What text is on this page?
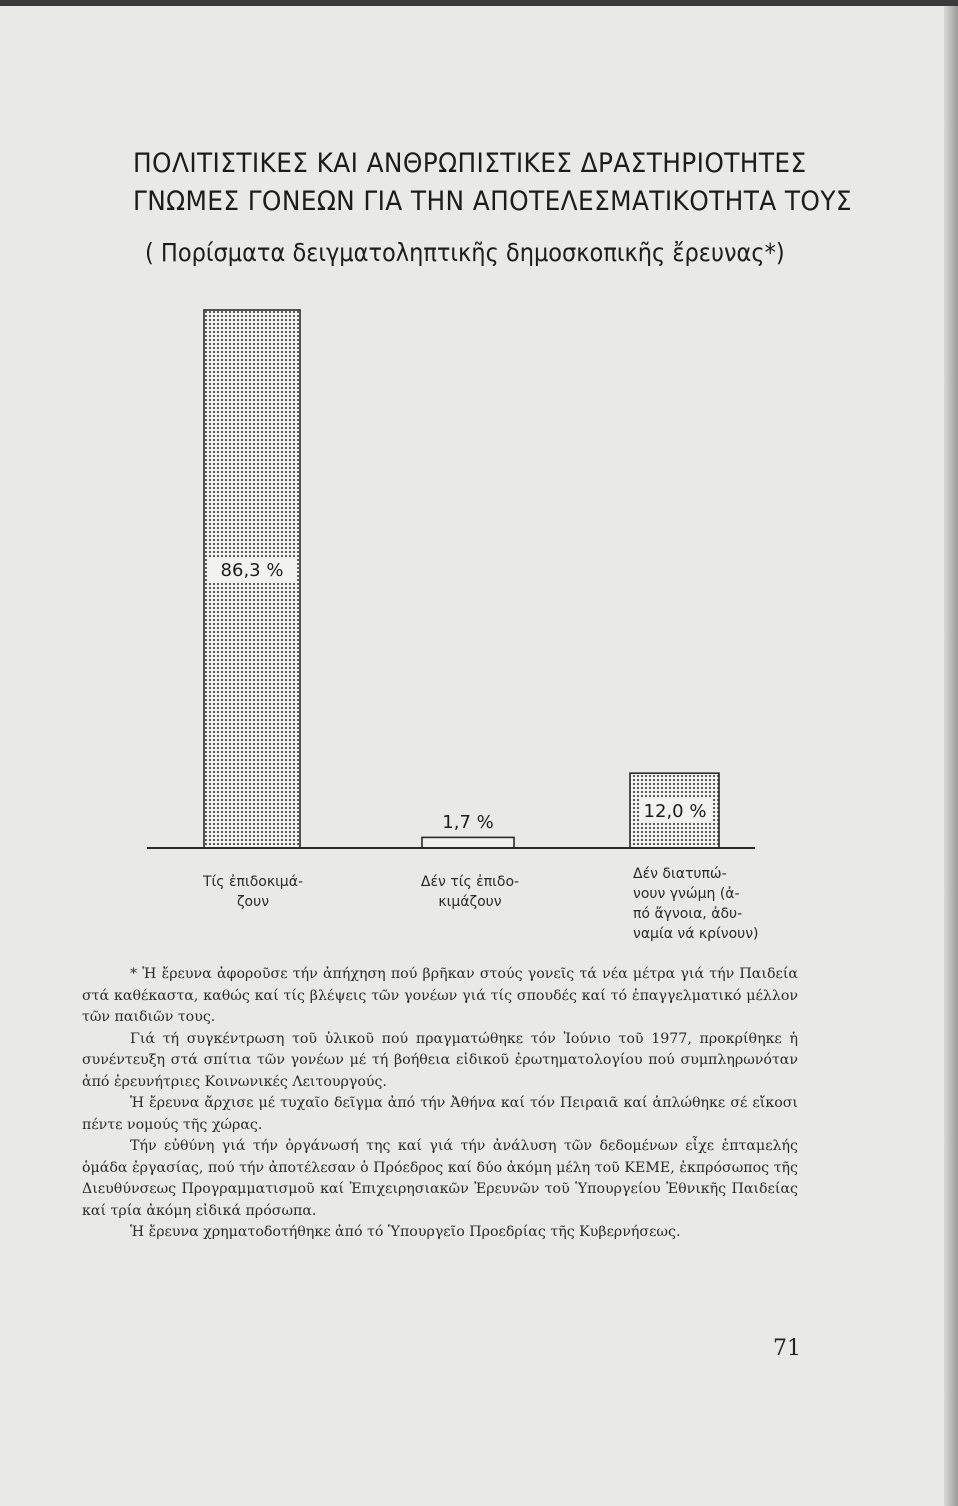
ΠΟΛΙΤΙΣΤΙΚΕΣ ΚΑΙ ΑΝΘΡΩΠΙΣΤΙΚΕΣ ΔΡΑΣΤΗΡΙΟΤΗΤΕΣ
ΓΝΩΜΕΣ ΓΟΝΕΩΝ ΓΙΑ ΤΗΝ ΑΠΟΤΕΛΕΣΜΑΤΙΚΟΤΗΤΑ ΤΟΥΣ
( Πορίσματα δειγματοληπτικῆς δημοσκοπικῆς ἔρευνας*)
86,3 %
1,7 %
12,0 %
Τίς ἐπιδοκιμά-
ζουν
Δέν τίς ἐπιδο-
κιμάζουν
Δέν διατυπώ-
νουν γνώμη (ἀ-
πό ἄγνοια, ἀδυ-
ναμία νά κρίνουν)

* Ἡ ἔρευνα ἀφοροῦσε τήν ἀπήχηση πού βρῆκαν στούς γονεῖς τά νέα μέτρα γιά τήν Παιδεία στά καθέκαστα, καθώς καί τίς βλέψεις τῶν γονέων γιά τίς σπουδές καί τό ἐπαγγελματικό μέλλον τῶν παιδιῶν τους.

Γιά τή συγκέντρωση τοῦ ὑλικοῦ πού πραγματώθηκε τόν Ἰούνιο τοῦ 1977, προκρίθηκε ἡ συνέντευξη στά σπίτια τῶν γονέων μέ τή βοήθεια εἰδικοῦ ἐρωτηματολογίου πού συμπληρωνόταν ἀπό ἐρευνήτριες Κοινωνικές Λειτουργούς.

Ἡ ἔρευνα ἄρχισε μέ τυχαῖο δεῖγμα ἀπό τήν Ἀθήνα καί τόν Πειραιᾶ καί ἁπλώθηκε σέ εἴκοσι πέντε νομούς τῆς χώρας.

Τήν εὐθύνη γιά τήν ὀργάνωσή της καί γιά τήν ἀνάλυση τῶν δεδομένων εἶχε ἐπταμελής ὁμάδα ἐργασίας, πού τήν ἀποτέλεσαν ὁ Πρόεδρος καί δύο ἀκόμη μέλη τοῦ ΚΕΜΕ, ἐκπρόσωπος τῆς Διευθύνσεως Προγραμματισμοῦ καί Ἐπιχειρησιακῶν Ἐρευνῶν τοῦ Ὑπουργείου Ἐθνικῆς Παιδείας καί τρία ἀκόμη εἰδικά πρόσωπα.

Ἡ ἔρευνα χρηματοδοτήθηκε ἀπό τό Ὑπουργεῖο Προεδρίας τῆς Κυβερνήσεως.

71
